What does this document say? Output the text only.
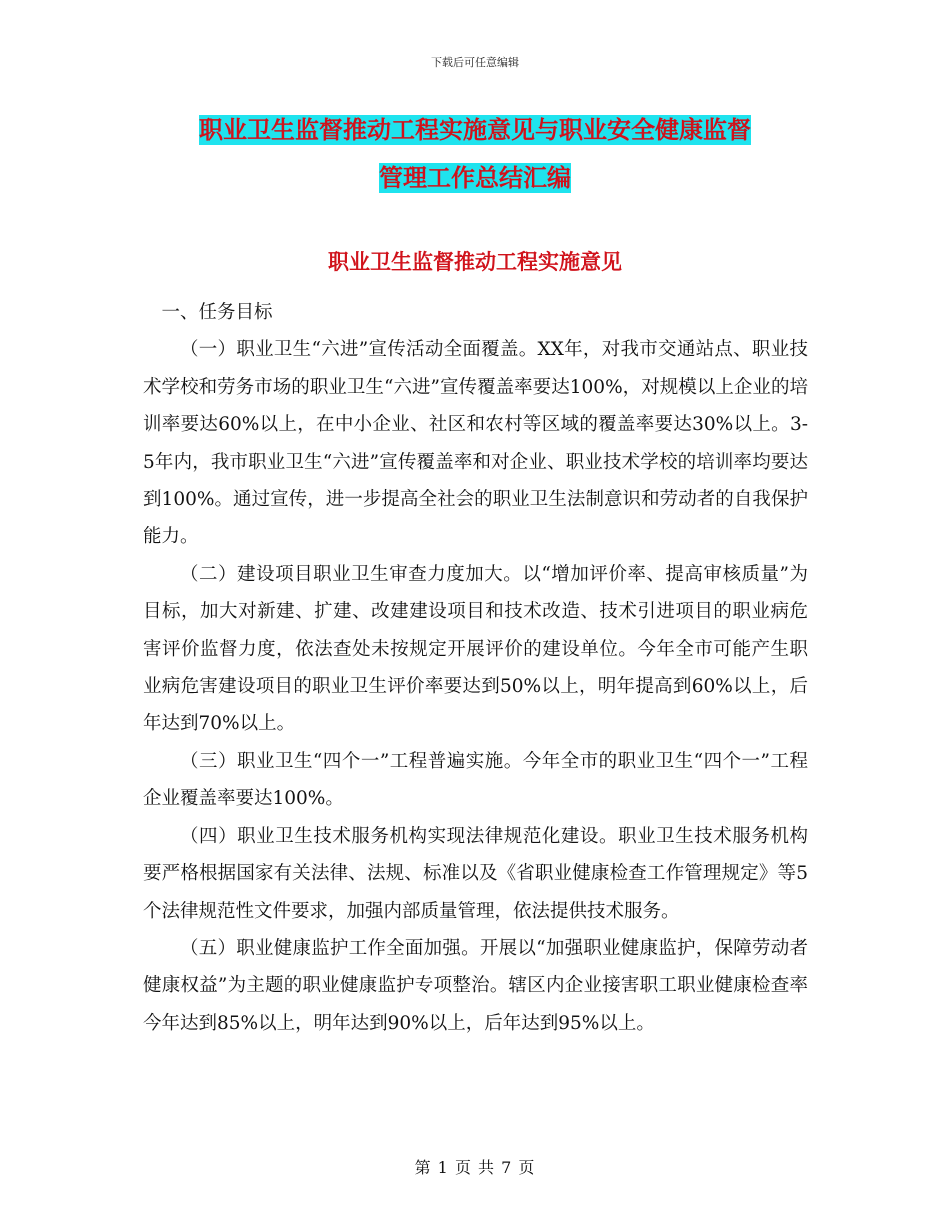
下载后可任意编辑
职业卫生监督推动工程实施意见与职业安全健康监督
管理工作总结汇编
职业卫生监督推动工程实施意见

一、任务目标

（一）职业卫生“六进”宣传活动全面覆盖。XX年，对我市交通站点、职业技术学校和劳务市场的职业卫生“六进”宣传覆盖率要达100%，对规模以上企业的培训率要达60%以上，在中小企业、社区和农村等区域的覆盖率要达30%以上。3-5年内，我市职业卫生“六进”宣传覆盖率和对企业、职业技术学校的培训率均要达到100%。通过宣传，进一步提高全社会的职业卫生法制意识和劳动者的自我保护能力。

（二）建设项目职业卫生审查力度加大。以“增加评价率、提高审核质量”为目标，加大对新建、扩建、改建建设项目和技术改造、技术引进项目的职业病危害评价监督力度，依法查处未按规定开展评价的建设单位。今年全市可能产生职业病危害建设项目的职业卫生评价率要达到50%以上，明年提高到60%以上，后年达到70%以上。

（三）职业卫生“四个一”工程普遍实施。今年全市的职业卫生“四个一”工程企业覆盖率要达100%。

（四）职业卫生技术服务机构实现法律规范化建设。职业卫生技术服务机构要严格根据国家有关法律、法规、标准以及《省职业健康检查工作管理规定》等5个法律规范性文件要求，加强内部质量管理，依法提供技术服务。

（五）职业健康监护工作全面加强。开展以“加强职业健康监护，保障劳动者健康权益”为主题的职业健康监护专项整治。辖区内企业接害职工职业健康检查率今年达到85%以上，明年达到90%以上，后年达到95%以上。

第 1 页 共 7 页
